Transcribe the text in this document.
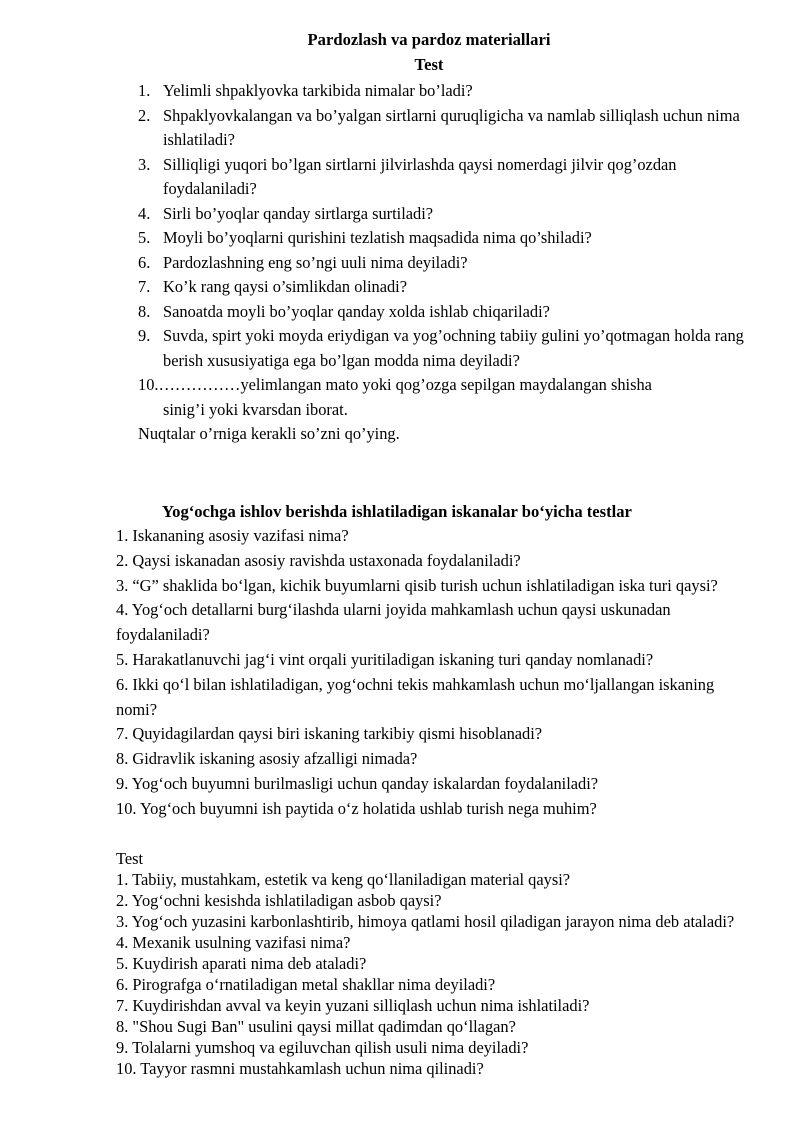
Pardozlash va pardoz materiallari
Test
1. Yelimli shpaklyovka tarkibida nimalar bo’ladi?
2. Shpaklyovkalangan va bo’yalgan sirtlarni quruqligicha va namlab silliqlash uchun nima ishlatiladi?
3. Silliqligi yuqori bo’lgan sirtlarni jilvirlashda qaysi nomerdagi jilvir qog’ozdan foydalaniladi?
4. Sirli bo’yoqlar qanday sirtlarga surtiladi?
5. Moyli bo’yoqlarni qurishini tezlatish maqsadida nima qo’shiladi?
6. Pardozlashning eng so’ngi uuli nima deyiladi?
7. Ko’k rang qaysi o’simlikdan olinadi?
8. Sanoatda moyli bo’yoqlar qanday xolda ishlab chiqariladi?
9. Suvda, spirt yoki moyda eriydigan va yog’ochning tabiiy gulini yo’qotmagan holda rang berish xususiyatiga ega bo’lgan modda nima deyiladi?
10.……………yelimlangan mato yoki qog’ozga sepilgan maydalangan shisha
sinig’i yoki kvarsdan iborat.
Nuqtalar o’rniga kerakli so’zni qo’ying.
Yog‘ochga ishlov berishda ishlatiladigan iskanalar bo‘yicha testlar
1. Iskananing asosiy vazifasi nima?
2. Qaysi iskanadan asosiy ravishda ustaxonada foydalaniladi?
3. “G” shaklida bo‘lgan, kichik buyumlarni qisib turish uchun ishlatiladigan iska turi qaysi?
4. Yog‘och detallarni burg‘ilashda ularni joyida mahkamlash uchun qaysi uskunadan foydalaniladi?
5. Harakatlanuvchi jag‘i vint orqali yuritiladigan iskaning turi qanday nomlanadi?
6. Ikki qo‘l bilan ishlatiladigan, yog‘ochni tekis mahkamlash uchun mo‘ljallangan iskaning nomi?
7. Quyidagilardan qaysi biri iskaning tarkibiy qismi hisoblanadi?
8. Gidravlik iskaning asosiy afzalligi nimada?
9. Yog‘och buyumni burilmasligi uchun qanday iskalardan foydalaniladi?
10. Yog‘och buyumni ish paytida o‘z holatida ushlab turish nega muhim?
Test
1. Tabiiy, mustahkam, estetik va keng qo‘llaniladigan material qaysi?
2. Yog‘ochni kesishda ishlatiladigan asbob qaysi?
3. Yog‘och yuzasini karbonlashtirib, himoya qatlami hosil qiladigan jarayon nima deb ataladi?
4. Mexanik usulning vazifasi nima?
5. Kuydirish aparati nima deb ataladi?
6. Pirografga o‘rnatiladigan metal shakllar nima deyiladi?
7. Kuydirishdan avval va keyin yuzani silliqlash uchun nima ishlatiladi?
8. "Shou Sugi Ban" usulini qaysi millat qadimdan qo‘llagan?
9. Tolalarni yumshoq va egiluvchan qilish usuli nima deyiladi?
10. Tayyor rasmni mustahkamlash uchun nima qilinadi?
